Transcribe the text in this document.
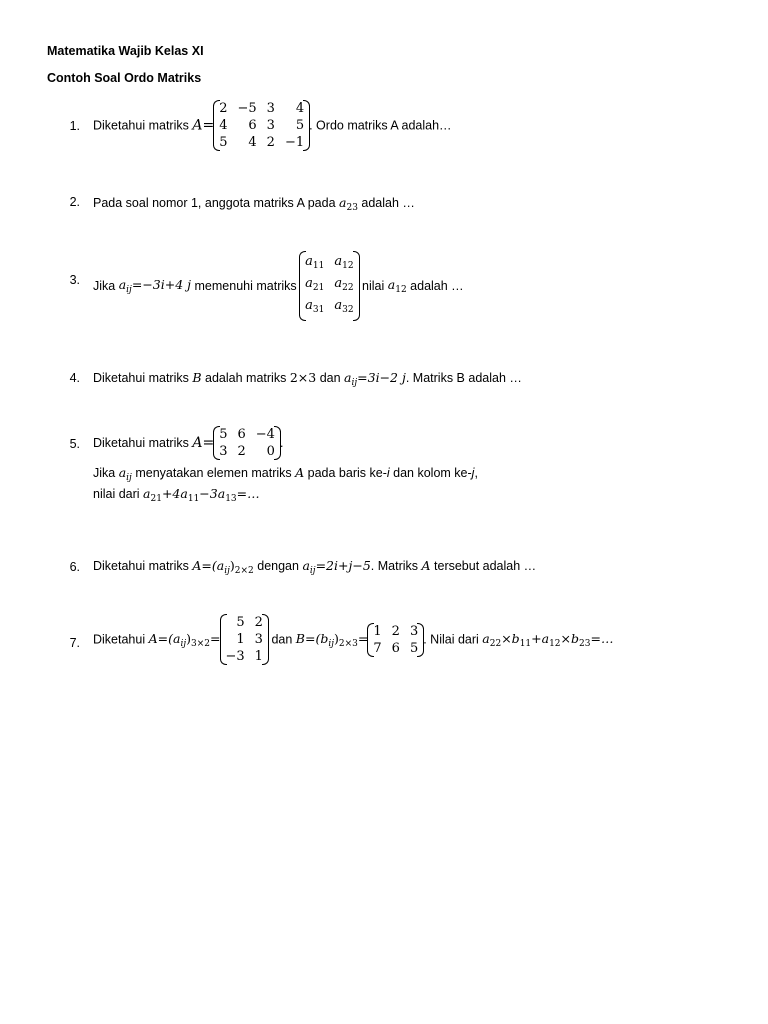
Matematika Wajib Kelas XI
Contoh Soal Ordo Matriks
1. Diketahui matriks A=
2	−5	3	4
4	6	3	5
5	4	2	−1
. Ordo matriks A adalah…
2. Pada soal nomor 1, anggota matriks A pada $a_{23}$ adalah …
3. Jika $a_{ij}=-3i+4$ j memenuhi matriks
$a_{11}$	$a_{12}$
$a_{21}$	$a_{22}$
$a_{31}$	$a_{32}$
nilai $a_{12}$ adalah …
4. Diketahui matriks B adalah matriks 2×3 dan $a_{ij}=3i-2$ j. Matriks B adalah …
5. Diketahui matriks A=
5	6	−4
3	2	0
.
Jika $a_{ij}$ menyatakan elemen matriks A pada baris ke-i dan kolom ke-j,
nilai dari $a_{21}+4a_{11}-3a_{13}=\dots$
6. Diketahui matriks $A=(a_{ij})_{2\times 2}$ dengan $a_{ij}=2i+j-5$. Matriks A tersebut adalah …
7. Diketahui $A=(a_{ij})_{3\times 2}=$
5	2
1	3
−3	1
dan $B=(b_{ij})_{2\times 3}= 1$	2	3
7	6	5
. Nilai dari $a_{22}\times b_{11}+a_{12}\times b_{23}=\dots$
